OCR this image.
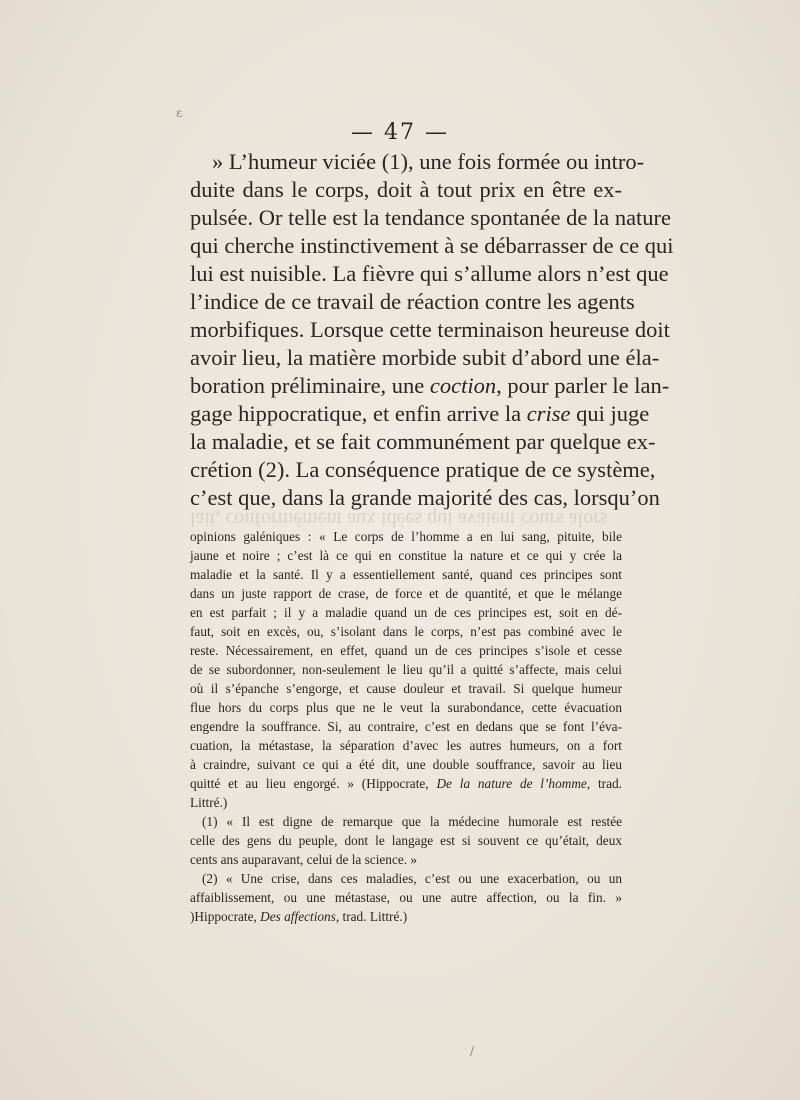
ε
— 47 —
» L’humeur viciée (1), une fois formée ou intro-
duite dans le corps, doit à tout prix en être ex-
pulsée. Or telle est la tendance spontanée de la nature
qui cherche instinctivement à se débarrasser de ce qui
lui est nuisible. La fièvre qui s’allume alors n’est que
l’indice de ce travail de réaction contre les agents
morbifiques. Lorsque cette terminaison heureuse doit
avoir lieu, la matière morbide subit d’abord une éla-
boration préliminaire, une coction, pour parler le lan-
gage hippocratique, et enfin arrive la crise qui juge
la maladie, et se fait communément par quelque ex-
crétion (2). La conséquence pratique de ce système,
c’est que, dans la grande majorité des cas, lorsqu’on
lait, conformément aux idées qui avaient cours alors
opinions galéniques : « Le corps de l’homme a en lui sang, pituite, bile
jaune et noire ; c’est là ce qui en constitue la nature et ce qui y crée la
maladie et la santé. Il y a essentiellement santé, quand ces principes sont
dans un juste rapport de crase, de force et de quantité, et que le mélange
en est parfait ; il y a maladie quand un de ces principes est, soit en dé-
faut, soit en excès, ou, s’isolant dans le corps, n’est pas combiné avec le
reste. Nécessairement, en effet, quand un de ces principes s’isole et cesse
de se subordonner, non-seulement le lieu qu’il a quitté s’affecte, mais celui
où il s’épanche s’engorge, et cause douleur et travail. Si quelque humeur
flue hors du corps plus que ne le veut la surabondance, cette évacuation
engendre la souffrance. Si, au contraire, c’est en dedans que se font l’éva-
cuation, la métastase, la séparation d’avec les autres humeurs, on a fort
à craindre, suivant ce qui a été dit, une double souffrance, savoir au lieu
quitté et au lieu engorgé. » (Hippocrate, De la nature de l’homme, trad.
Littré.)
(1) « Il est digne de remarque que la médecine humorale est restée
celle des gens du peuple, dont le langage est si souvent ce qu’était, deux
cents ans auparavant, celui de la science. »
(2) « Une crise, dans ces maladies, c’est ou une exacerbation, ou un
affaiblissement, ou une métastase, ou une autre affection, ou la fin. »
)Hippocrate, Des affections, trad. Littré.)
/
